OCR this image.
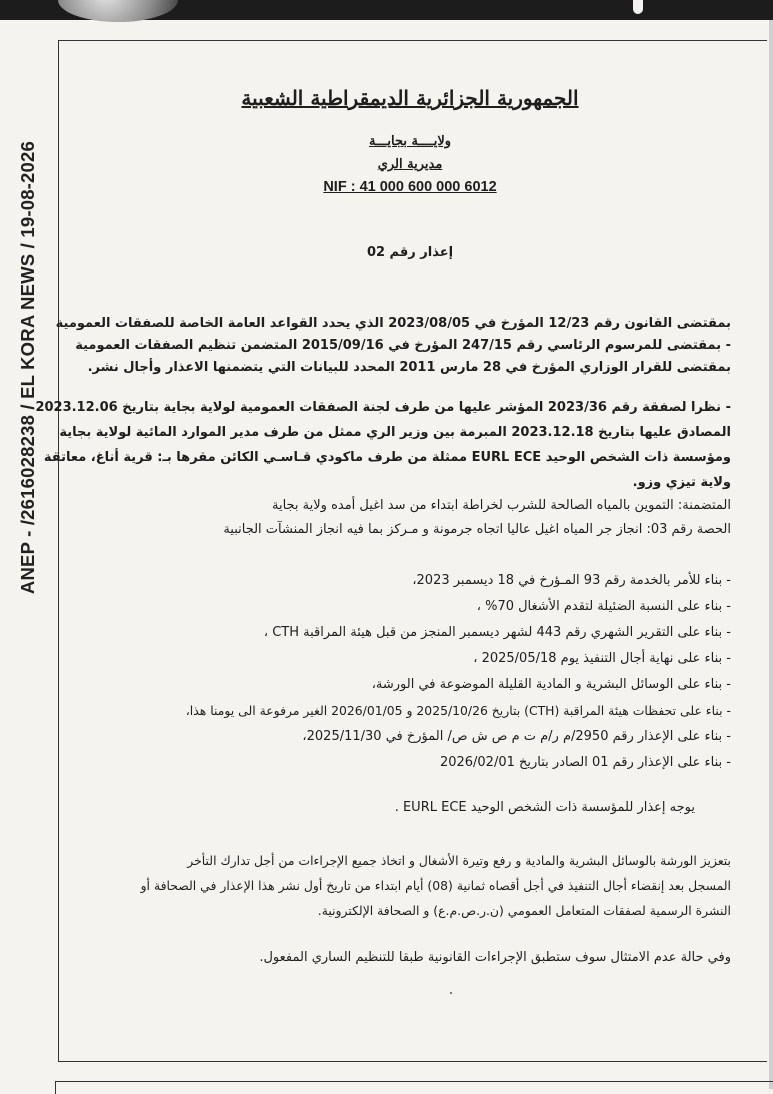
ANEP - /2616028238 / EL KORA NEWS / 19-08-2026
الجمهورية الجزائرية الديمقراطية الشعبية
ولايــــة بجايـــة
مديرية الري
NIF : 41 000 600 000 6012
إعذار رقم 02
بمقتضى القانون رقم 12/23 المؤرخ في 2023/08/05 الذي يحدد القواعد العامة الخاصة للصفقات العمومية
- بمقتضى للمرسوم الرئاسي رقم 247/15 المؤرخ في 2015/09/16 المتضمن تنظيم الصفقات العمومية
بمقتضى للقرار الوزاري المؤرخ في 28 مارس 2011 المحدد للبيانات التي يتضمنها الاعذار وأجال نشر.
- نظرا لصفقة رقم 2023/36 المؤشر عليها من طرف لجنة الصفقات العمومية لولاية بجاية بتاريخ 2023.12.06
المصادق عليها بتاريخ 2023.12.18 المبرمة بين وزير الري ممثل من طرف مدير الموارد المائية لولاية بجاية
ومؤسسة ذات الشخص الوحيد EURL ECE ممثلة من طرف ماكودي قـاسـي الكائن مقرها بـ: قرية أناغ، معاتقة
ولاية تيزي وزو.
المتضمنة: التموين بالمياه الصالحة للشرب لخراطة ابتداء من سد اغيل أمده ولاية بجاية
الحصة رقم 03: انجاز جر المياه اغيل عاليا اتجاه جرمونة و مـركز بما فيه انجاز المنشآت الجانبية
- بناء للأمر بالخدمة رقم 93 المـؤرخ في 18 ديسمبر 2023،
- بناء على النسبة الضئيلة لتقدم الأشغال 70% ،
- بناء على التقرير الشهري رقم 443 لشهر ديسمبر المنجز من قبل هيئة المراقبة CTH ،
- بناء على نهاية أجال التنفيذ يوم 2025/05/18 ،
- بناء على الوسائل البشرية و المادية القليلة الموضوعة في الورشة،
- بناء على تحفظات هيئة المراقبة (CTH) بتاريخ 2025/10/26 و 2026/01/05 الغير مرفوعة الى يومنا هذا،
- بناء على الإعذار رقم 2950/م ر/م ت م ص ش ص/ المؤرخ في 2025/11/30،
- بناء على الإعذار رقم 01 الصادر بتاريخ 2026/02/01
يوجه إعذار للمؤسسة ذات الشخص الوحيد EURL ECE .
بتعزيز الورشة بالوسائل البشرية والمادية و رفع وتيرة الأشغال و اتخاذ جميع الإجراءات من أجل تدارك التأخر
المسجل بعد إنقضاء أجال التنفيذ في أجل أقصاه ثمانية (08) أيام ابتداء من تاريخ أول نشر هذا الإعذار في الصحافة أو
النشرة الرسمية لصفقات المتعامل العمومي (ن.ر.ص.م.ع) و الصحافة الإلكترونية.
وفي حالة عدم الامتثال سوف ستطبق الإجراءات القانونية طبقا للتنظيم الساري المفعول.
